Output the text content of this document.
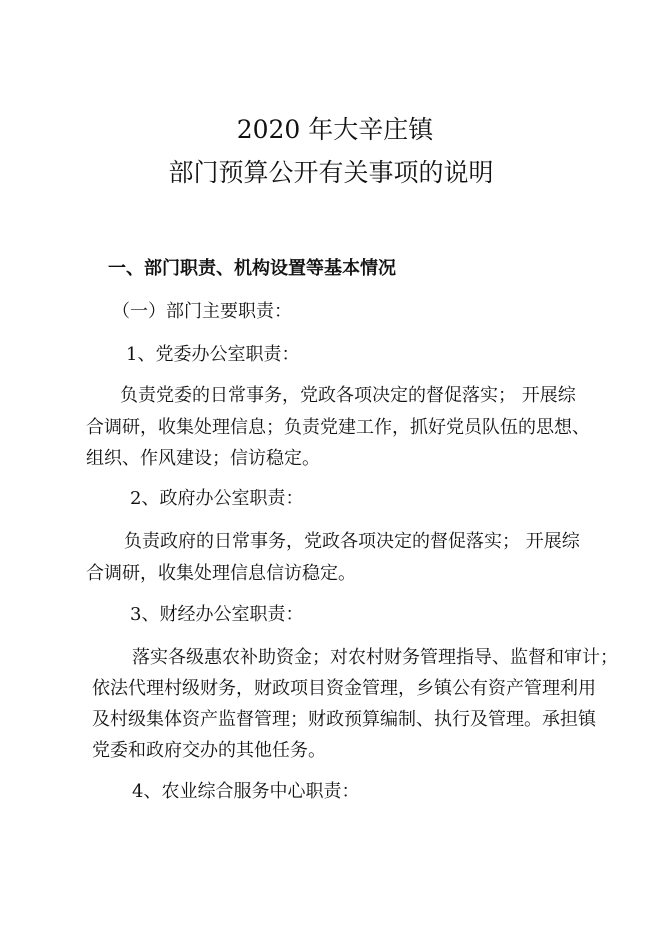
2020 年大辛庄镇
部门预算公开有关事项的说明
一、部门职责、机构设置等基本情况
（一）部门主要职责：
1、党委办公室职责：
负责党委的日常事务，党政各项决定的督促落实； 开展综
合调研，收集处理信息；负责党建工作，抓好党员队伍的思想、
组织、作风建设；信访稳定。
2、政府办公室职责：
负责政府的日常事务，党政各项决定的督促落实； 开展综
合调研，收集处理信息信访稳定。
3、财经办公室职责：
落实各级惠农补助资金；对农村财务管理指导、监督和审计；
依法代理村级财务，财政项目资金管理，乡镇公有资产管理利用
及村级集体资产监督管理；财政预算编制、执行及管理。承担镇
党委和政府交办的其他任务。
4、农业综合服务中心职责：
